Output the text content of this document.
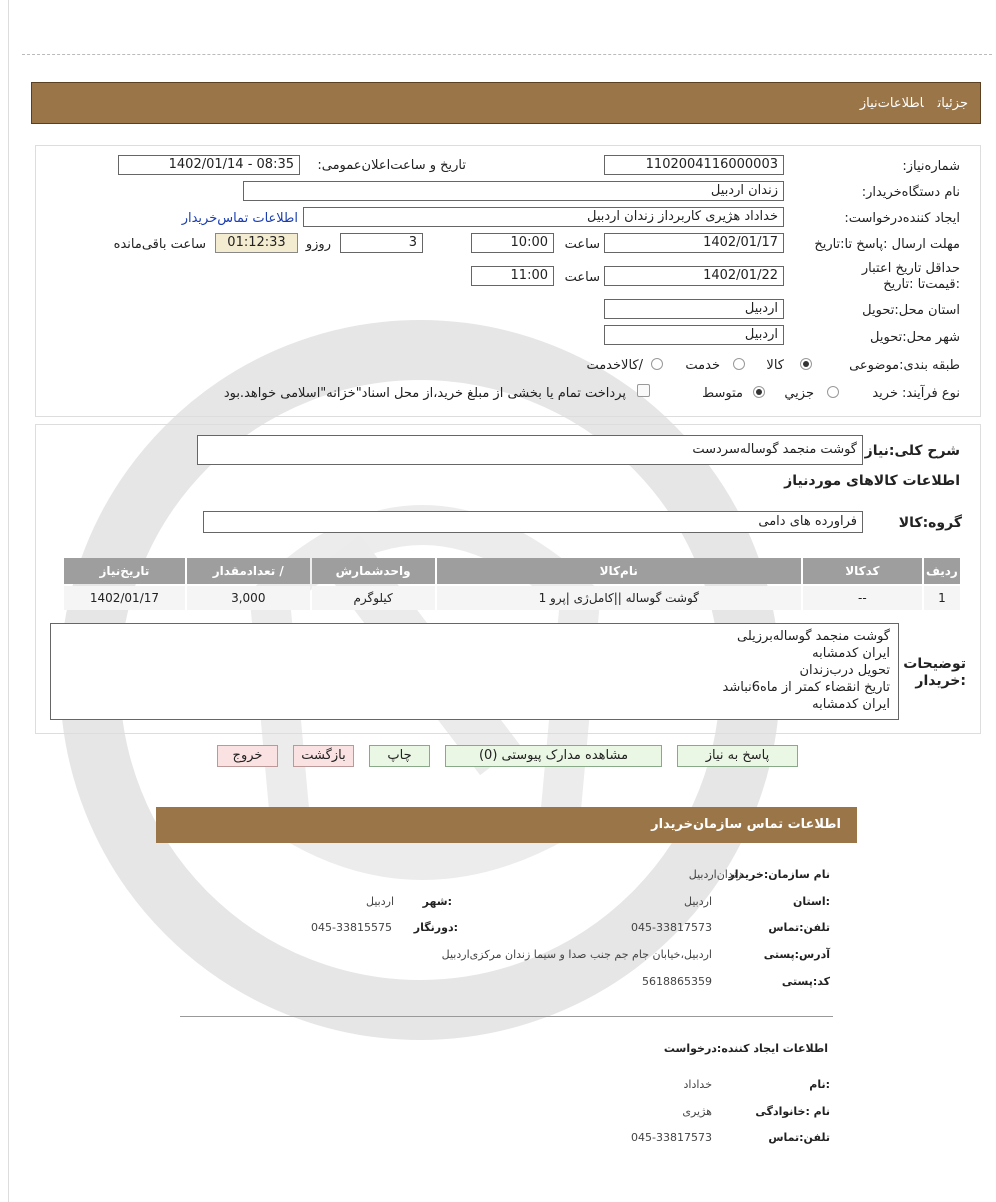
جزئیاتاطلاعات‌نیاز
شماره‌نیاز:
1102004116000003
تاریخ و ساعت‌اعلان‌عمومی:
1402/01/14 - 08:35
نام دستگاه‌خریدار:
زندان اردبیل
ایجاد کننده‌درخواست:
خداداد هژیری کاربرداز زندان اردبیل
اطلاعات تماس‌خریدار
مهلت ارسال :پاسخ تا:تاریخ
1402/01/17
ساعت
10:00
3
روزو
01:12:33
ساعت باقی‌مانده
حداقل تاریخ اعتبار :قیمت‌تا :تاریخ
1402/01/22
ساعت
11:00
استان محل:تحویل
اردبیل
شهر محل:تحویل
اردبیل
طبقه بندی:موضوعی
کالا
خدمت
/کالاخدمت
نوع فرآیند:
خرید
جزيي
متوسط
پرداخت تمام یا بخشی از مبلغ خرید،از محل اسناد"خزانه"اسلامی خواهد.بود
شرح کلی:نیاز
گوشت منجمد گوساله‌سردست
اطلاعات کالاهای موردنیاز
گروه:کالا
فراورده های دامی
ردیف	کدکالا	نام‌کالا	واحدشمارش	/ تعدادمقدار	تاریخ‌نیاز
1	--	گوشت گوساله ||کامل‌ژی |پرو 1	کیلوگرم	3,000	1402/01/17
توضیحات :خریدار
گوشت منجمد گوساله‌برزیلی
ایران کدمشابه
تحویل درب‌زندان
تاریخ انقضاء کمتر از ماه6نباشد
ایران کدمشابه
پاسخ به نیاز
مشاهده مدارک پیوستی (0)
چاپ
بازگشت
خروج
اطلاعات تماس سازمان‌خریدار
نام سازمان:خریدار
زندان‌اردبیل
:استان
اردبیل
:شهر
اردبیل
تلفن:تماس
045-33817573
:دورنگار
045-33815575
آدرس:پستی
اردبیل،خیابان جام جم جنب صدا و سیما زندان مرکزی‌اردبیل
کد:پستی
5618865359
اطلاعات ایجاد کننده:درخواست
:نام
خداداد
نام :خانوادگی
هژیری
تلفن:تماس
045-33817573
